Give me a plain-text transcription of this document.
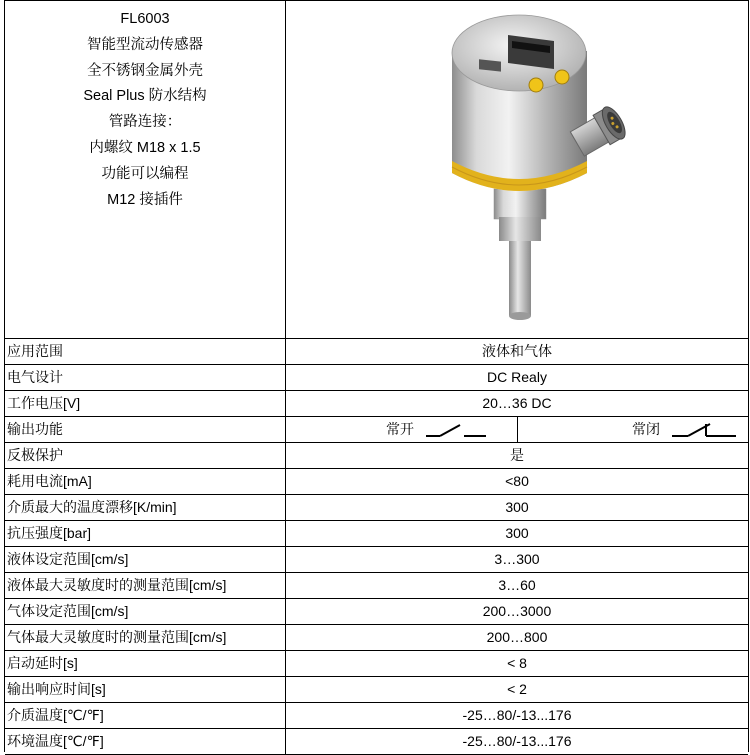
FL6003
智能型流动传感器
全不锈钢金属外壳
Seal Plus 防水结构
管路连接：
内螺纹 M18 x 1.5
功能可以编程
M12 接插件
应用范围	液体和气体
电气设计	DC Realy
工作电压[V]	20…36 DC
输出功能	常开	常闭
反极保护	是
耗用电流[mA]	<80
介质最大的温度漂移[K/min]	300
抗压强度[bar]	300
液体设定范围[cm/s]	3…300
液体最大灵敏度时的测量范围[cm/s]	3…60
气体设定范围[cm/s]	200…3000
气体最大灵敏度时的测量范围[cm/s]	200…800
启动延时[s]	< 8
输出响应时间[s]	< 2
介质温度[℃/℉]	-25…80/-13...176
环境温度[℃/℉]	-25…80/-13...176
